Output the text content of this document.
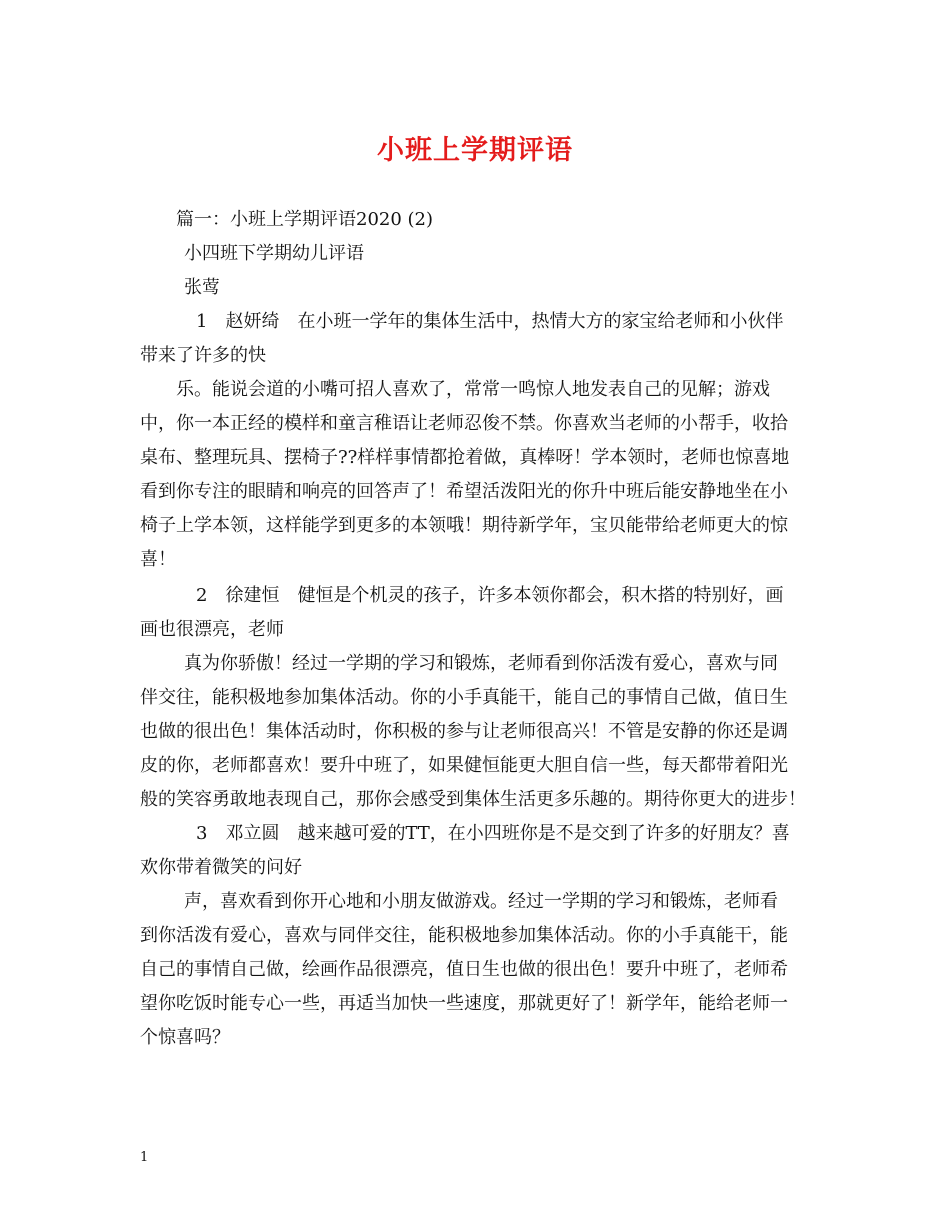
小班上学期评语
篇一：小班上学期评语2020 (2)
小四班下学期幼儿评语
张莺
1　赵妍绮　在小班一学年的集体生活中，热情大方的家宝给老师和小伙伴
带来了许多的快
乐。能说会道的小嘴可招人喜欢了，常常一鸣惊人地发表自己的见解；游戏
中，你一本正经的模样和童言稚语让老师忍俊不禁。你喜欢当老师的小帮手，收拾
桌布、整理玩具、摆椅子??样样事情都抢着做，真棒呀！学本领时，老师也惊喜地
看到你专注的眼睛和响亮的回答声了！希望活泼阳光的你升中班后能安静地坐在小
椅子上学本领，这样能学到更多的本领哦！期待新学年，宝贝能带给老师更大的惊
喜！
2　徐建恒　健恒是个机灵的孩子，许多本领你都会，积木搭的特别好，画
画也很漂亮，老师
真为你骄傲！经过一学期的学习和锻炼，老师看到你活泼有爱心，喜欢与同
伴交往，能积极地参加集体活动。你的小手真能干，能自己的事情自己做，值日生
也做的很出色！集体活动时，你积极的参与让老师很高兴！不管是安静的你还是调
皮的你，老师都喜欢！要升中班了，如果健恒能更大胆自信一些，每天都带着阳光
般的笑容勇敢地表现自己，那你会感受到集体生活更多乐趣的。期待你更大的进步！
3　邓立圆　越来越可爱的TT，在小四班你是不是交到了许多的好朋友？喜
欢你带着微笑的问好
声，喜欢看到你开心地和小朋友做游戏。经过一学期的学习和锻炼，老师看
到你活泼有爱心，喜欢与同伴交往，能积极地参加集体活动。你的小手真能干，能
自己的事情自己做，绘画作品很漂亮，值日生也做的很出色！要升中班了，老师希
望你吃饭时能专心一些，再适当加快一些速度，那就更好了！新学年，能给老师一
个惊喜吗？
1
